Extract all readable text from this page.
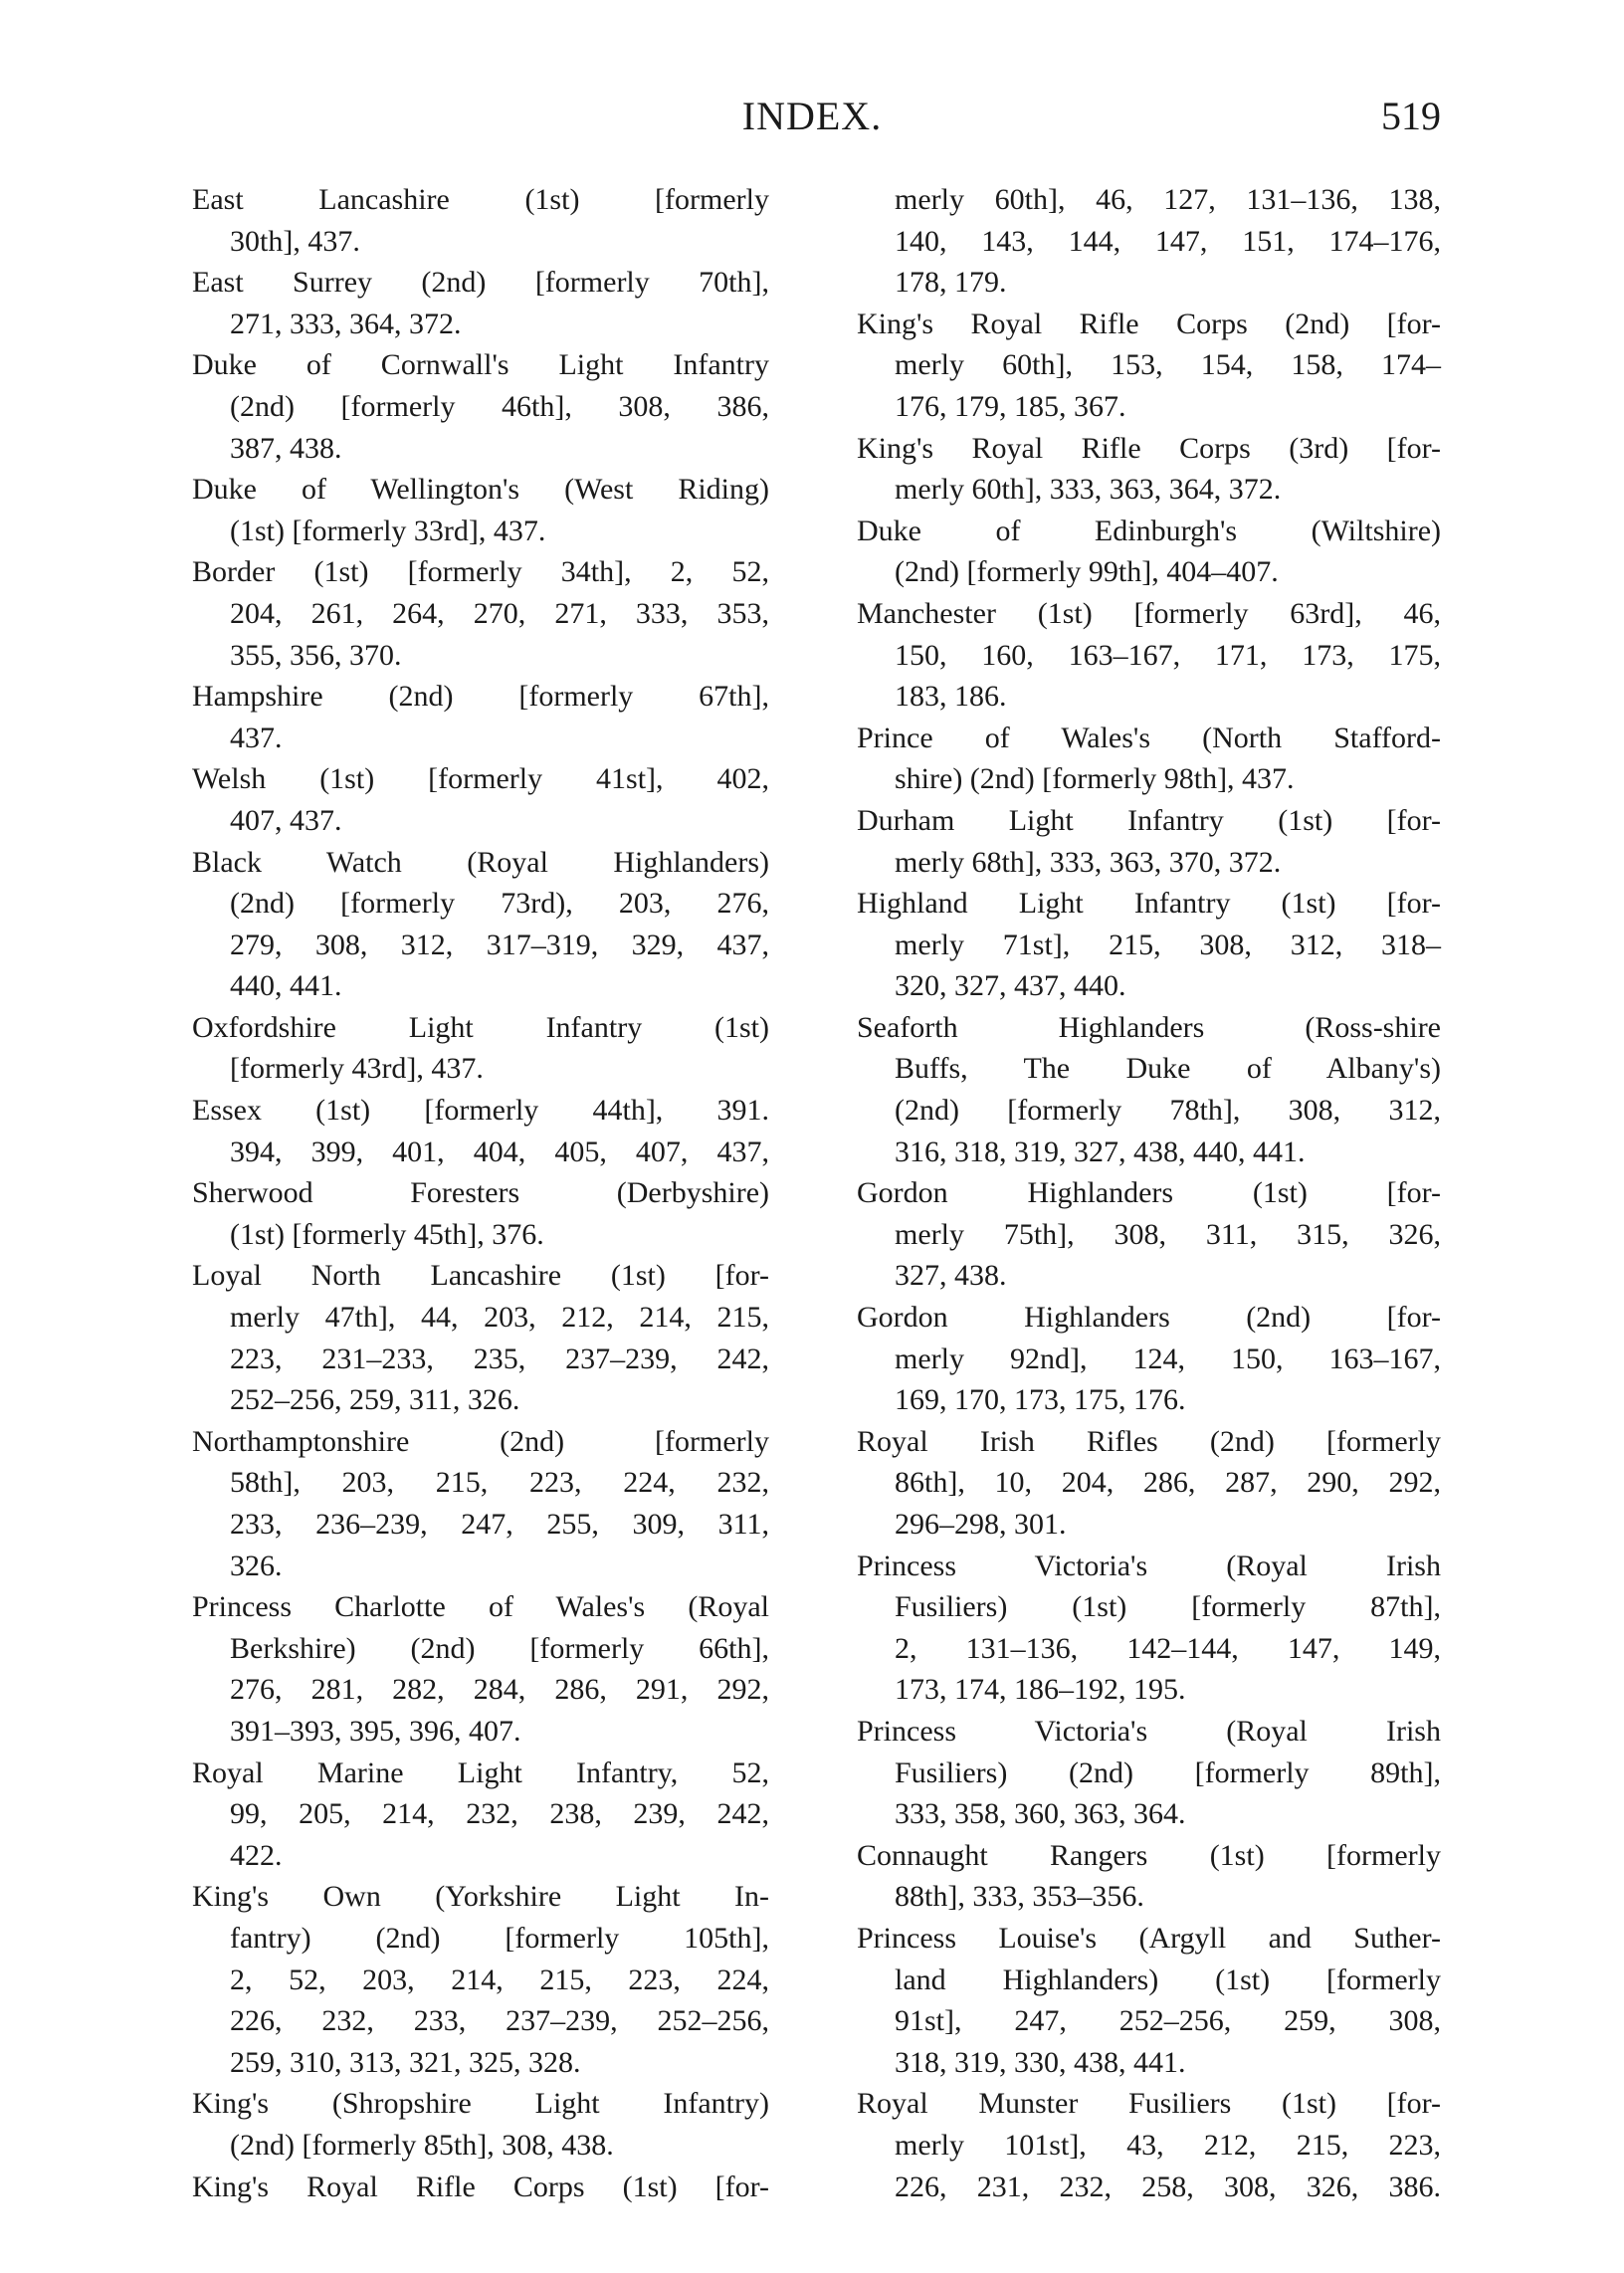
INDEX.	519
East Lancashire (1st) [formerly
30th], 437.
East Surrey (2nd) [formerly 70th],
271, 333, 364, 372.
Duke of Cornwall's Light Infantry
(2nd) [formerly 46th], 308, 386,
387, 438.
Duke of Wellington's (West Riding)
(1st) [formerly 33rd], 437.
Border (1st) [formerly 34th], 2, 52,
204, 261, 264, 270, 271, 333, 353,
355, 356, 370.
Hampshire (2nd) [formerly 67th],
437.
Welsh (1st) [formerly 41st], 402,
407, 437.
Black Watch (Royal Highlanders)
(2nd) [formerly 73rd), 203, 276,
279, 308, 312, 317–319, 329, 437,
440, 441.
Oxfordshire Light Infantry (1st)
[formerly 43rd], 437.
Essex (1st) [formerly 44th], 391.
394, 399, 401, 404, 405, 407, 437,
Sherwood Foresters (Derbyshire)
(1st) [formerly 45th], 376.
Loyal North Lancashire (1st) [for-
merly 47th], 44, 203, 212, 214, 215,
223, 231–233, 235, 237–239, 242,
252–256, 259, 311, 326.
Northamptonshire (2nd) [formerly
58th], 203, 215, 223, 224, 232,
233, 236–239, 247, 255, 309, 311,
326.
Princess Charlotte of Wales's (Royal
Berkshire) (2nd) [formerly 66th],
276, 281, 282, 284, 286, 291, 292,
391–393, 395, 396, 407.
Royal Marine Light Infantry, 52,
99, 205, 214, 232, 238, 239, 242,
422.
King's Own (Yorkshire Light In-
fantry) (2nd) [formerly 105th],
2, 52, 203, 214, 215, 223, 224,
226, 232, 233, 237–239, 252–256,
259, 310, 313, 321, 325, 328.
King's (Shropshire Light Infantry)
(2nd) [formerly 85th], 308, 438.
King's Royal Rifle Corps (1st) [for-
merly 60th], 46, 127, 131–136, 138,
140, 143, 144, 147, 151, 174–176,
178, 179.
King's Royal Rifle Corps (2nd) [for-
merly 60th], 153, 154, 158, 174–
176, 179, 185, 367.
King's Royal Rifle Corps (3rd) [for-
merly 60th], 333, 363, 364, 372.
Duke of Edinburgh's (Wiltshire)
(2nd) [formerly 99th], 404–407.
Manchester (1st) [formerly 63rd], 46,
150, 160, 163–167, 171, 173, 175,
183, 186.
Prince of Wales's (North Stafford-
shire) (2nd) [formerly 98th], 437.
Durham Light Infantry (1st) [for-
merly 68th], 333, 363, 370, 372.
Highland Light Infantry (1st) [for-
merly 71st], 215, 308, 312, 318–
320, 327, 437, 440.
Seaforth Highlanders (Ross-shire
Buffs, The Duke of Albany's)
(2nd) [formerly 78th], 308, 312,
316, 318, 319, 327, 438, 440, 441.
Gordon Highlanders (1st) [for-
merly 75th], 308, 311, 315, 326,
327, 438.
Gordon Highlanders (2nd) [for-
merly 92nd], 124, 150, 163–167,
169, 170, 173, 175, 176.
Royal Irish Rifles (2nd) [formerly
86th], 10, 204, 286, 287, 290, 292,
296–298, 301.
Princess Victoria's (Royal Irish
Fusiliers) (1st) [formerly 87th],
2, 131–136, 142–144, 147, 149,
173, 174, 186–192, 195.
Princess Victoria's (Royal Irish
Fusiliers) (2nd) [formerly 89th],
333, 358, 360, 363, 364.
Connaught Rangers (1st) [formerly
88th], 333, 353–356.
Princess Louise's (Argyll and Suther-
land Highlanders) (1st) [formerly
91st], 247, 252–256, 259, 308,
318, 319, 330, 438, 441.
Royal Munster Fusiliers (1st) [for-
merly 101st], 43, 212, 215, 223,
226, 231, 232, 258, 308, 326, 386.
